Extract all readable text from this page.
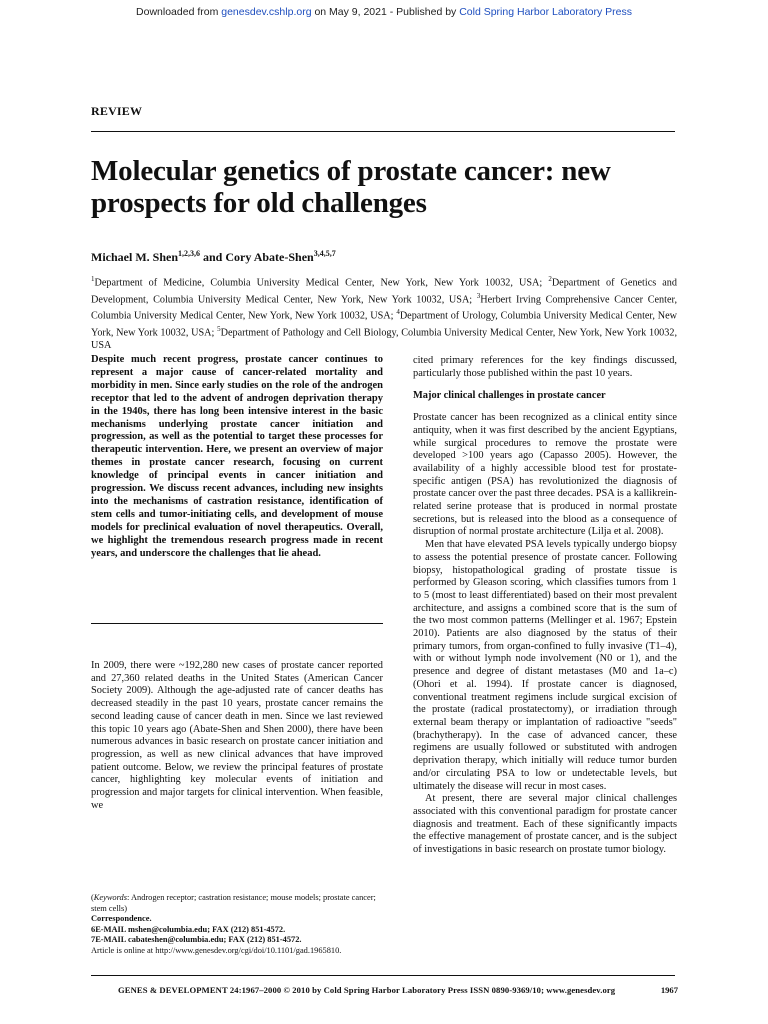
Downloaded from genesdev.cshlp.org on May 9, 2021 - Published by Cold Spring Harbor Laboratory Press
REVIEW
Molecular genetics of prostate cancer: new prospects for old challenges
Michael M. Shen$^{1,2,3,6}$ and Cory Abate-Shen$^{3,4,5,7}$
$^1$Department of Medicine, Columbia University Medical Center, New York, New York 10032, USA; $^2$Department of Genetics and Development, Columbia University Medical Center, New York, New York 10032, USA; $^3$Herbert Irving Comprehensive Cancer Center, Columbia University Medical Center, New York, New York 10032, USA; $^4$Department of Urology, Columbia University Medical Center, New York, New York 10032, USA; $^5$Department of Pathology and Cell Biology, Columbia University Medical Center, New York, New York 10032, USA
Despite much recent progress, prostate cancer continues to represent a major cause of cancer-related mortality and morbidity in men. Since early studies on the role of the androgen receptor that led to the advent of androgen deprivation therapy in the 1940s, there has long been intensive interest in the basic mechanisms underlying prostate cancer initiation and progression, as well as the potential to target these processes for therapeutic intervention. Here, we present an overview of major themes in prostate cancer research, focusing on current knowledge of principal events in cancer initiation and progression. We discuss recent advances, including new insights into the mechanisms of castration resistance, identification of stem cells and tumor-initiating cells, and development of mouse models for preclinical evaluation of novel therapeutics. Overall, we highlight the tremendous research progress made in recent years, and underscore the challenges that lie ahead.

In 2009, there were ~192,280 new cases of prostate cancer reported and 27,360 related deaths in the United States (American Cancer Society 2009). Although the age-adjusted rate of cancer deaths has decreased steadily in the past 10 years, prostate cancer remains the second leading cause of cancer death in men. Since we last reviewed this topic 10 years ago (Abate-Shen and Shen 2000), there have been numerous advances in basic research on prostate cancer initiation and progression, as well as new clinical advances that have improved patient outcome. Below, we review the principal features of prostate cancer, highlighting key molecular events of initiation and progression and major targets for clinical intervention. When feasible, we

(Keywords: Androgen receptor; castration resistance; mouse models; prostate cancer; stem cells)
Correspondence.
6E-MAIL mshen@columbia.edu; FAX (212) 851-4572.
7E-MAIL cabateshen@columbia.edu; FAX (212) 851-4572.
Article is online at http://www.genesdev.org/cgi/doi/10.1101/gad.1965810.

cited primary references for the key findings discussed, particularly those published within the past 10 years.

Major clinical challenges in prostate cancer

Prostate cancer has been recognized as a clinical entity since antiquity, when it was first described by the ancient Egyptians, while surgical procedures to remove the prostate were developed >100 years ago (Capasso 2005). However, the availability of a highly accessible blood test for prostate-specific antigen (PSA) has revolutionized the diagnosis of prostate cancer over the past three decades. PSA is a kallikrein-related serine protease that is produced in normal prostate secretions, but is released into the blood as a consequence of disruption of normal prostate architecture (Lilja et al. 2008).

Men that have elevated PSA levels typically undergo biopsy to assess the potential presence of prostate cancer. Following biopsy, histopathological grading of prostate tissue is performed by Gleason scoring, which classifies tumors from 1 to 5 (most to least differentiated) based on their most prevalent architecture, and assigns a combined score that is the sum of the two most common patterns (Mellinger et al. 1967; Epstein 2010). Patients are also diagnosed by the status of their primary tumors, from organ-confined to fully invasive (T1–4), with or without lymph node involvement (N0 or 1), and the presence and degree of distant metastases (M0 and 1a–c) (Ohori et al. 1994). If prostate cancer is diagnosed, conventional treatment regimens include surgical excision of the prostate (radical prostatectomy), or irradiation through external beam therapy or implantation of radioactive "seeds" (brachytherapy). In the case of advanced cancer, these regimens are usually followed or substituted with androgen deprivation therapy, which initially will reduce tumor burden and/or circulating PSA to low or undetectable levels, but ultimately the disease will recur in most cases.

At present, there are several major clinical challenges associated with this conventional paradigm for prostate cancer diagnosis and treatment. Each of these significantly impacts the effective management of prostate cancer, and is the subject of investigations in basic research on prostate tumor biology.

GENES & DEVELOPMENT 24:1967–2000 © 2010 by Cold Spring Harbor Laboratory Press ISSN 0890-9369/10; www.genesdev.org	1967
